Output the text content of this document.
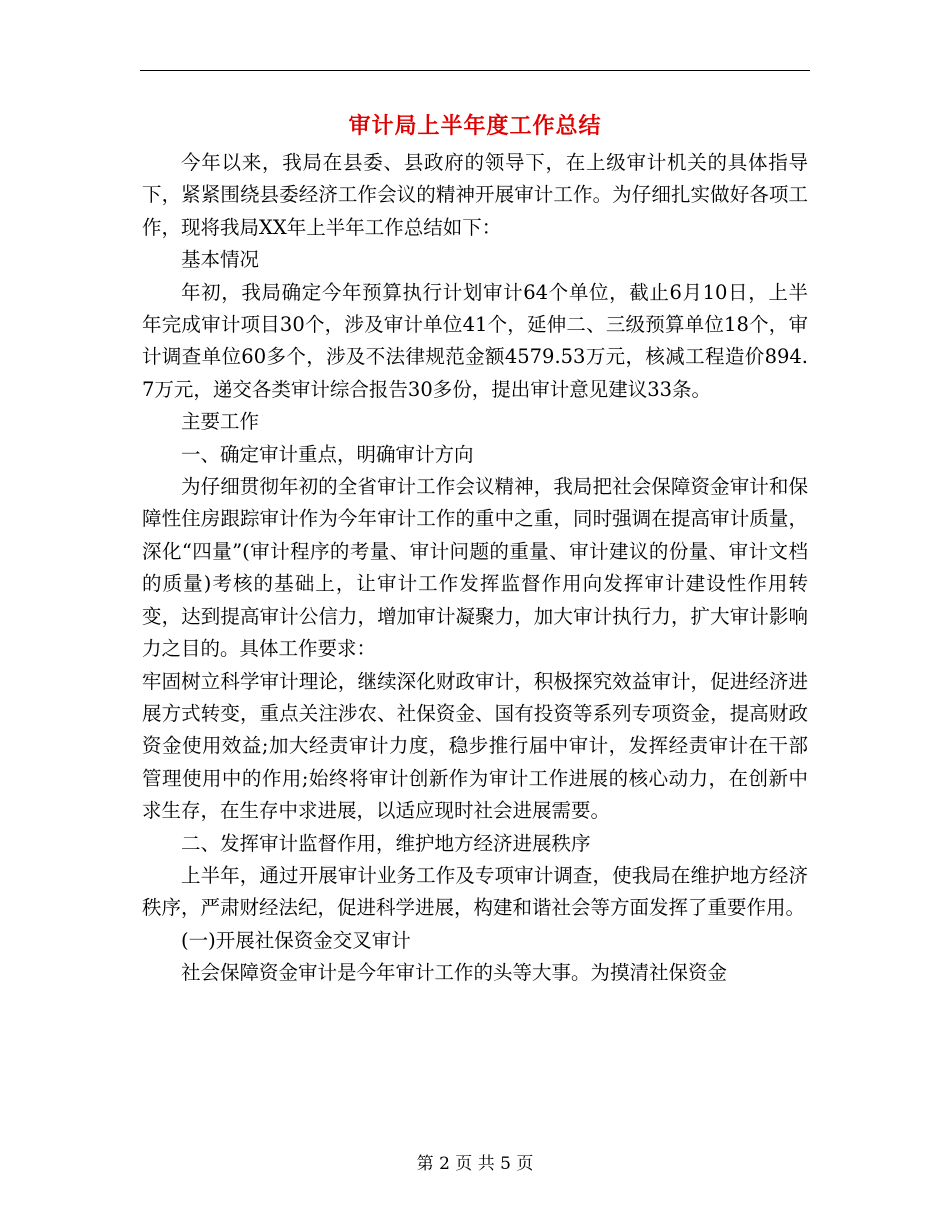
审计局上半年度工作总结

今年以来，我局在县委、县政府的领导下，在上级审计机关的具体指导下，紧紧围绕县委经济工作会议的精神开展审计工作。为仔细扎实做好各项工作，现将我局XX年上半年工作总结如下：

基本情况

年初，我局确定今年预算执行计划审计64个单位，截止6月10日，上半年完成审计项目30个，涉及审计单位41个，延伸二、三级预算单位18个，审计调查单位60多个，涉及不法律规范金额4579.53万元，核减工程造价894.7万元，递交各类审计综合报告30多份，提出审计意见建议33条。

主要工作

一、确定审计重点，明确审计方向

为仔细贯彻年初的全省审计工作会议精神，我局把社会保障资金审计和保障性住房跟踪审计作为今年审计工作的重中之重，同时强调在提高审计质量，深化“四量”(审计程序的考量、审计问题的重量、审计建议的份量、审计文档的质量)考核的基础上，让审计工作发挥监督作用向发挥审计建设性作用转变，达到提高审计公信力，增加审计凝聚力，加大审计执行力，扩大审计影响力之目的。具体工作要求：

牢固树立科学审计理论，继续深化财政审计，积极探究效益审计，促进经济进展方式转变，重点关注涉农、社保资金、国有投资等系列专项资金，提高财政资金使用效益;加大经责审计力度，稳步推行届中审计，发挥经责审计在干部管理使用中的作用;始终将审计创新作为审计工作进展的核心动力，在创新中求生存，在生存中求进展，以适应现时社会进展需要。

二、发挥审计监督作用，维护地方经济进展秩序

上半年，通过开展审计业务工作及专项审计调查，使我局在维护地方经济秩序，严肃财经法纪，促进科学进展，构建和谐社会等方面发挥了重要作用。

(一)开展社保资金交叉审计

社会保障资金审计是今年审计工作的头等大事。为摸清社保资金

第 2 页 共 5 页
